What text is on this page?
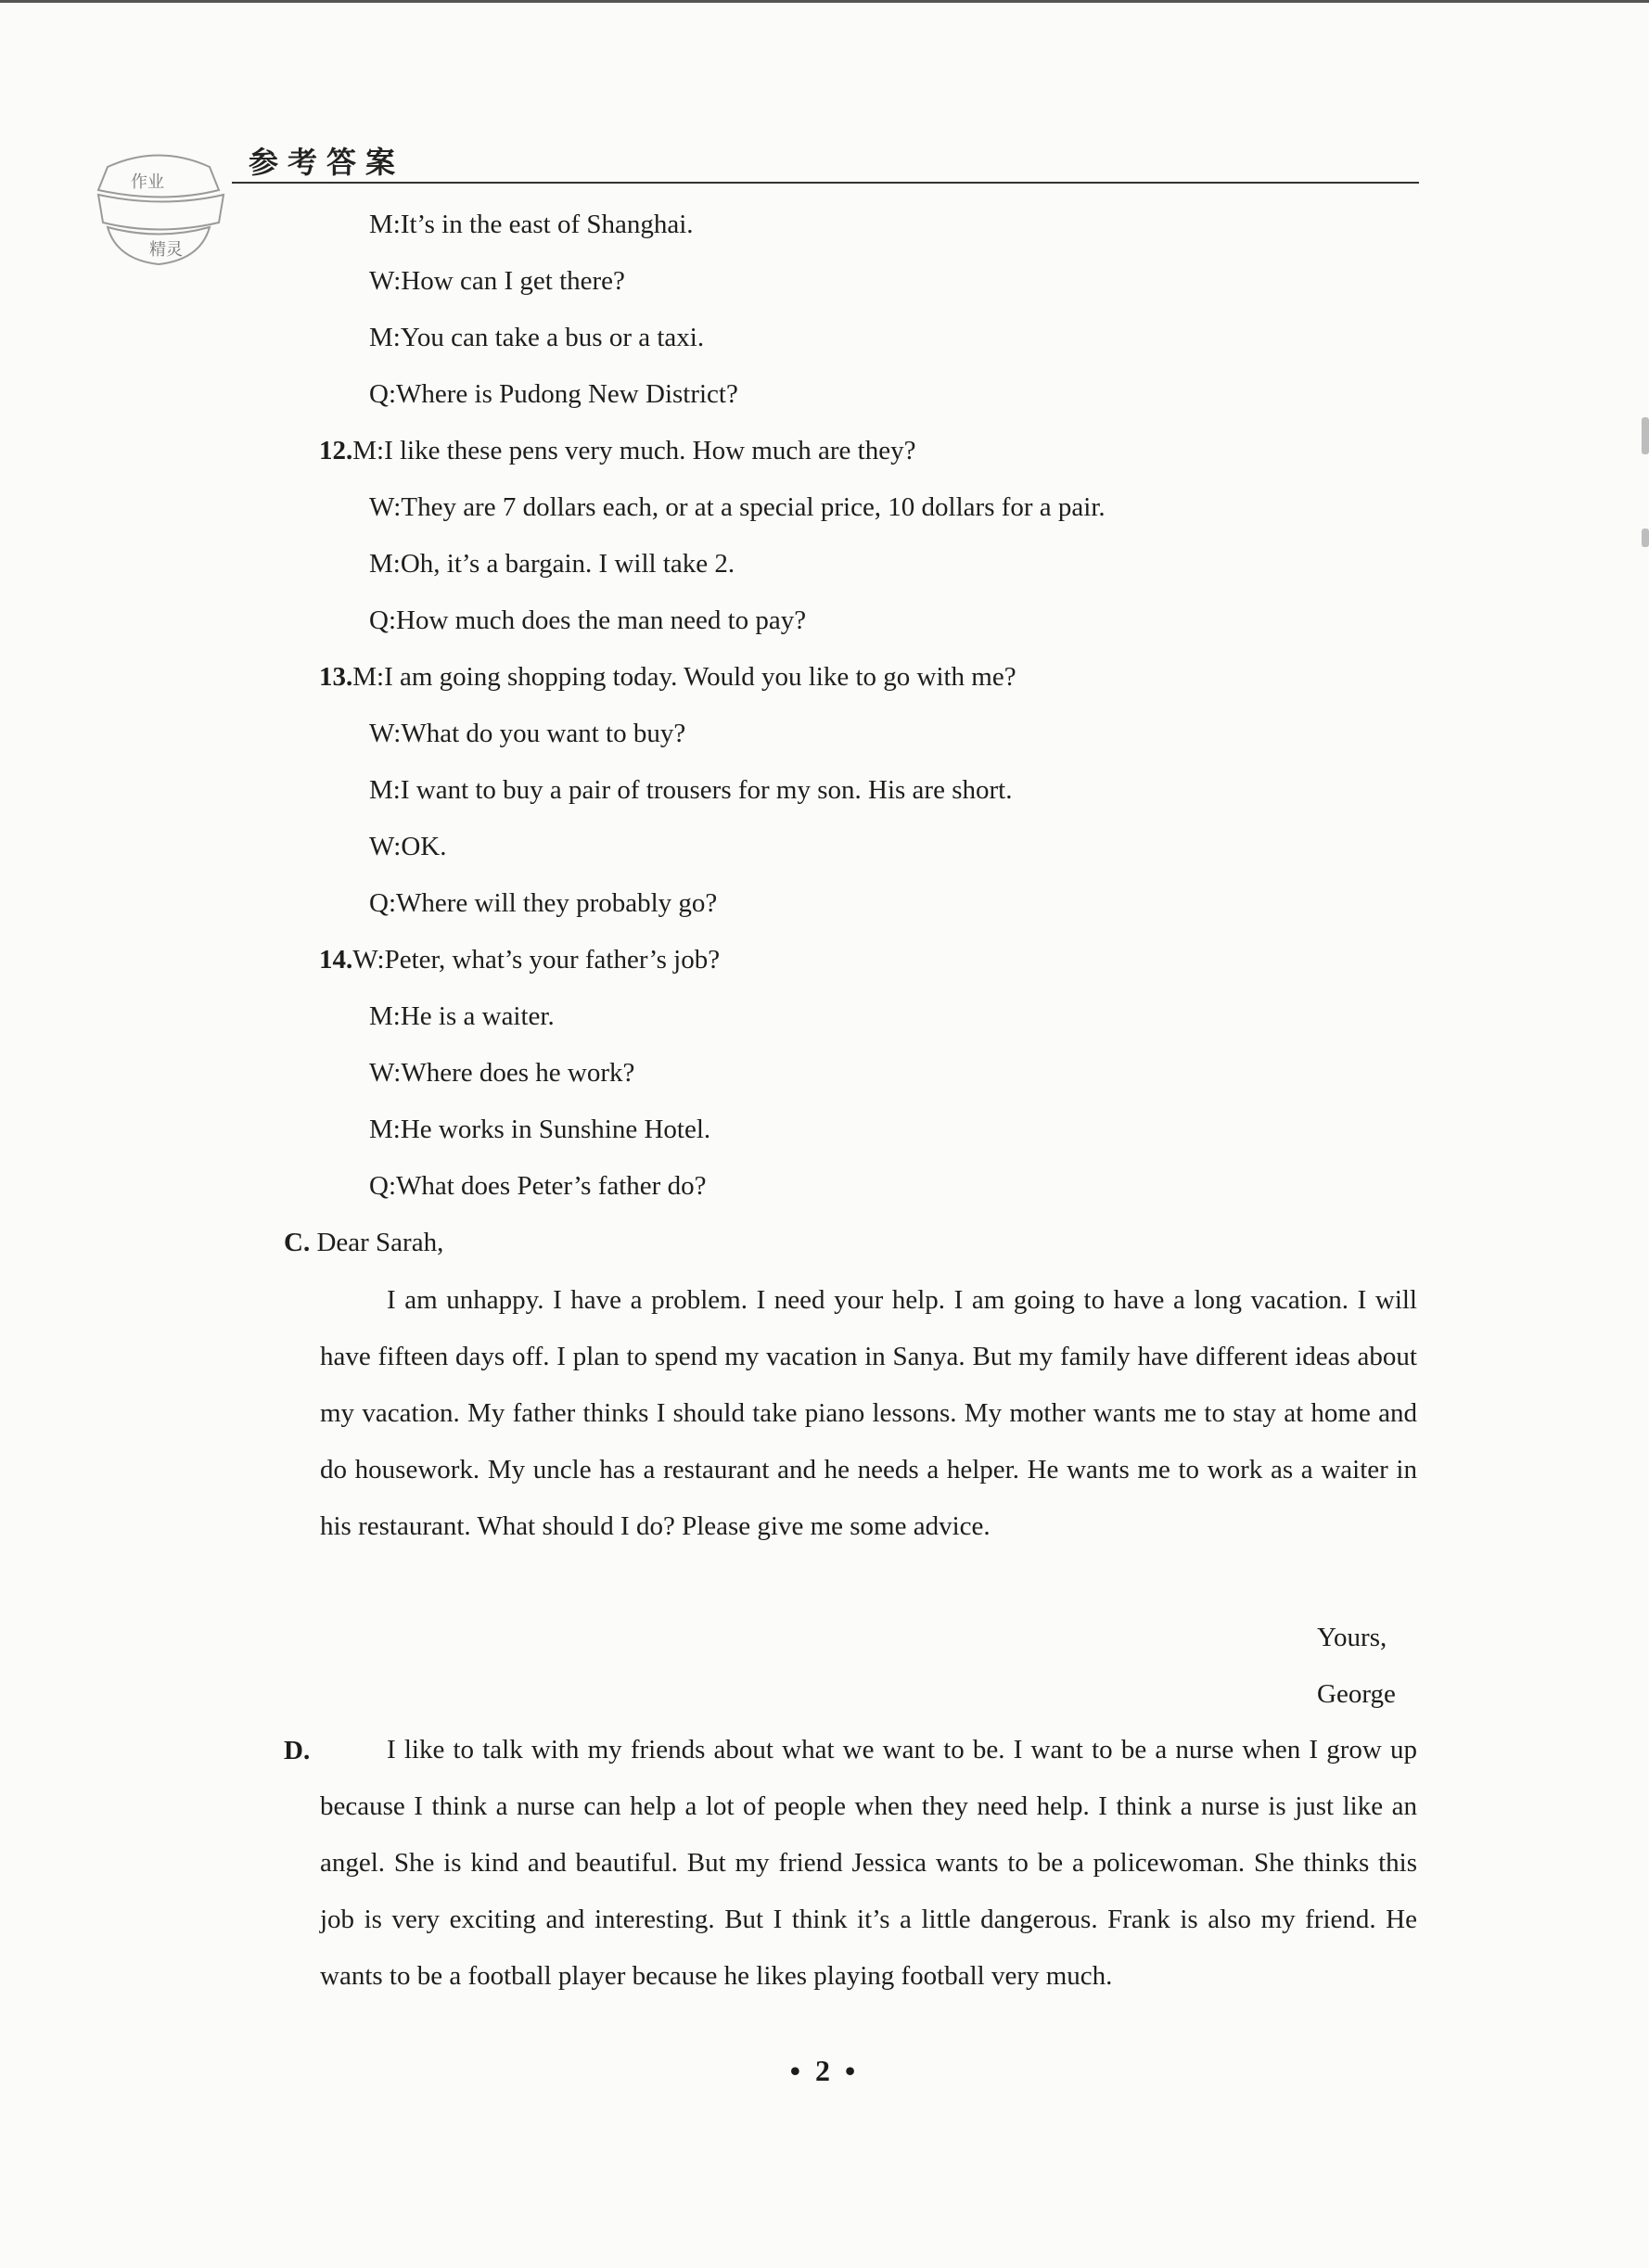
作业
精灵
参考答案
M:It’s in the east of Shanghai.
W:How can I get there?
M:You can take a bus or a taxi.
Q:Where is Pudong New District?
12.M:I like these pens very much. How much are they?
W:They are 7 dollars each, or at a special price, 10 dollars for a pair.
M:Oh, it’s a bargain. I will take 2.
Q:How much does the man need to pay?
13.M:I am going shopping today. Would you like to go with me?
W:What do you want to buy?
M:I want to buy a pair of trousers for my son. His are short.
W:OK.
Q:Where will they probably go?
14.W:Peter, what’s your father’s job?
M:He is a waiter.
W:Where does he work?
M:He works in Sunshine Hotel.
Q:What does Peter’s father do?
C. Dear Sarah,
I am unhappy. I have a problem. I need your help. I am going to have a long vacation. I will have fifteen days off. I plan to spend my vacation in Sanya. But my family have different ideas about my vacation. My father thinks I should take piano lessons. My mother wants me to stay at home and do housework. My uncle has a restaurant and he needs a helper. He wants me to work as a waiter in his restaurant. What should I do? Please give me some advice.
Yours,
George
D.	I like to talk with my friends about what we want to be. I want to be a nurse when I grow up because I think a nurse can help a lot of people when they need help. I think a nurse is just like an angel. She is kind and beautiful. But my friend Jessica wants to be a policewoman. She thinks this job is very exciting and interesting. But I think it’s a little dangerous. Frank is also my friend. He wants to be a football player because he likes playing football very much.
• 2 •
